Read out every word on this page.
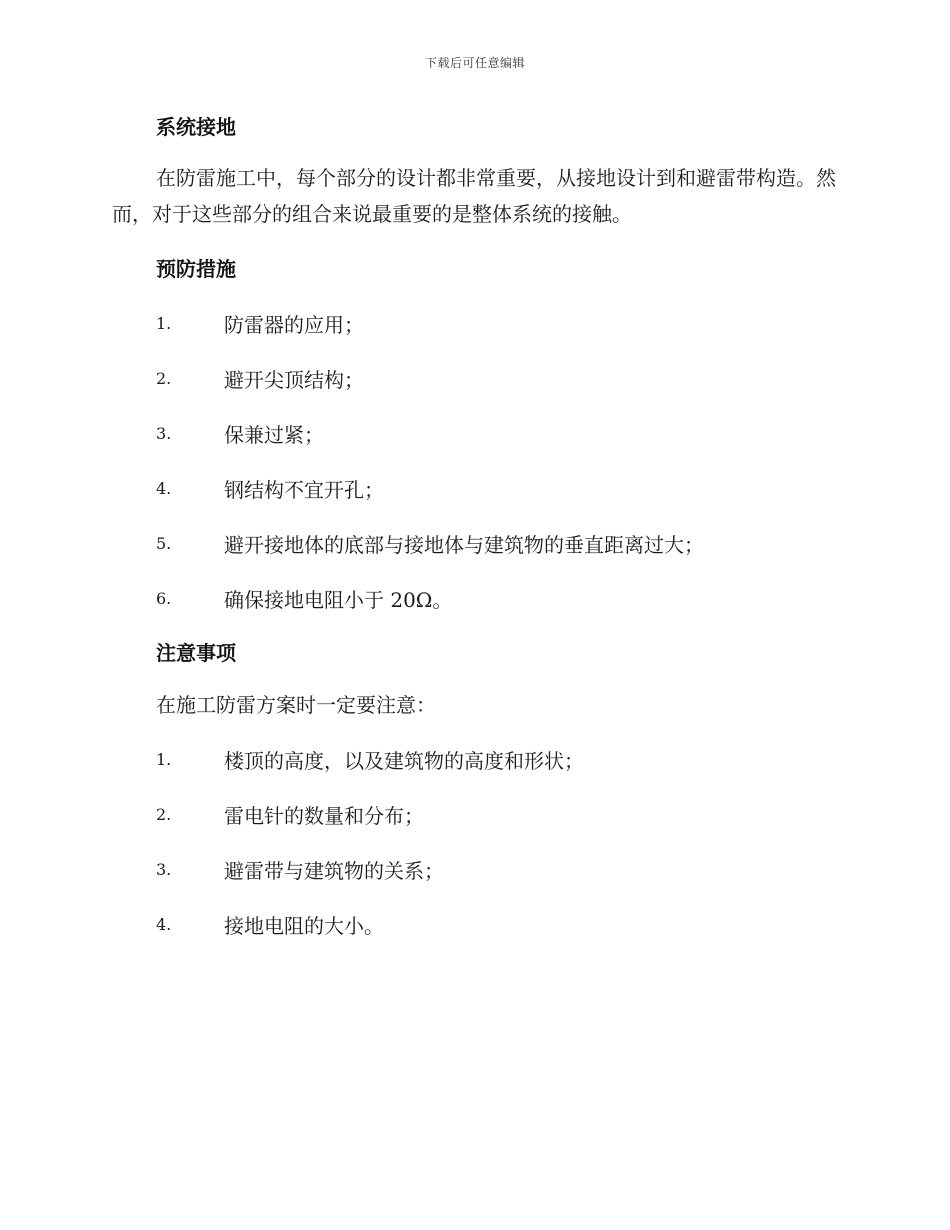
下载后可任意编辑
系统接地

在防雷施工中，每个部分的设计都非常重要，从接地设计到和避雷带构造。然而，对于这些部分的组合来说最重要的是整体系统的接触。

预防措施
1.	防雷器的应用；
2.	避开尖顶结构；
3.	保兼过紧；
4.	钢结构不宜开孔；
5.	避开接地体的底部与接地体与建筑物的垂直距离过大；
6.	确保接地电阻小于 20Ω。
注意事项
在施工防雷方案时一定要注意：
1.	楼顶的高度，以及建筑物的高度和形状；
2.	雷电针的数量和分布；
3.	避雷带与建筑物的关系；
4.	接地电阻的大小。
